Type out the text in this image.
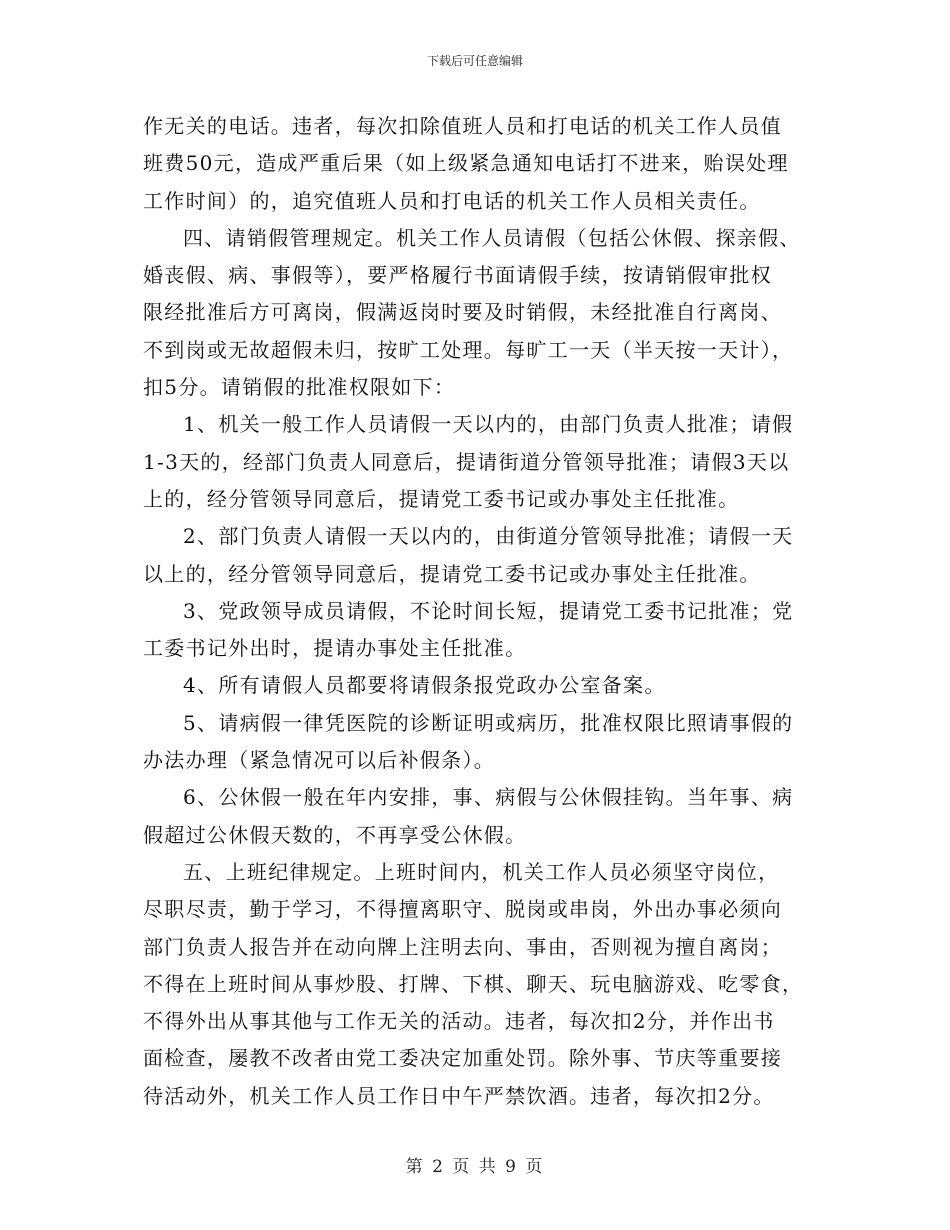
下载后可任意编辑
作无关的电话。违者，每次扣除值班人员和打电话的机关工作人员值
班费50元，造成严重后果（如上级紧急通知电话打不进来，贻误处理
工作时间）的，追究值班人员和打电话的机关工作人员相关责任。
四、请销假管理规定。机关工作人员请假（包括公休假、探亲假、
婚丧假、病、事假等），要严格履行书面请假手续，按请销假审批权
限经批准后方可离岗，假满返岗时要及时销假，未经批准自行离岗、
不到岗或无故超假未归，按旷工处理。每旷工一天（半天按一天计），
扣5分。请销假的批准权限如下：
1、机关一般工作人员请假一天以内的，由部门负责人批准；请假
1-3天的，经部门负责人同意后，提请街道分管领导批准；请假3天以
上的，经分管领导同意后，提请党工委书记或办事处主任批准。
2、部门负责人请假一天以内的，由街道分管领导批准；请假一天
以上的，经分管领导同意后，提请党工委书记或办事处主任批准。
3、党政领导成员请假，不论时间长短，提请党工委书记批准；党
工委书记外出时，提请办事处主任批准。
4、所有请假人员都要将请假条报党政办公室备案。
5、请病假一律凭医院的诊断证明或病历，批准权限比照请事假的
办法办理（紧急情况可以后补假条）。
6、公休假一般在年内安排，事、病假与公休假挂钩。当年事、病
假超过公休假天数的，不再享受公休假。
五、上班纪律规定。上班时间内，机关工作人员必须坚守岗位，
尽职尽责，勤于学习，不得擅离职守、脱岗或串岗，外出办事必须向
部门负责人报告并在动向牌上注明去向、事由，否则视为擅自离岗；
不得在上班时间从事炒股、打牌、下棋、聊天、玩电脑游戏、吃零食，
不得外出从事其他与工作无关的活动。违者，每次扣2分，并作出书
面检查，屡教不改者由党工委决定加重处罚。除外事、节庆等重要接
待活动外，机关工作人员工作日中午严禁饮酒。违者，每次扣2分。
第 2 页 共 9 页
